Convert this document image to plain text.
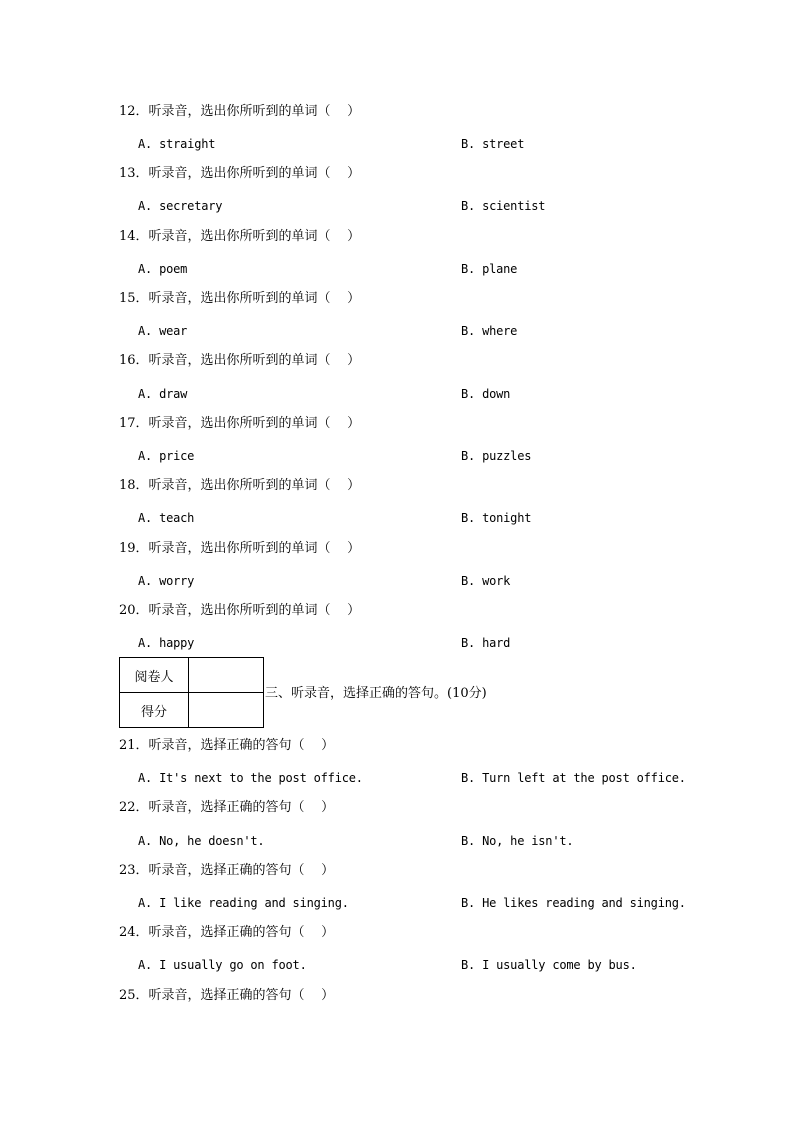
12．听录音，选出你所听到的单词（    ）
A. straight	B. street
13．听录音，选出你所听到的单词（    ）
A. secretary	B. scientist
14．听录音，选出你所听到的单词（    ）
A. poem	B. plane
15．听录音，选出你所听到的单词（    ）
A. wear	B. where
16．听录音，选出你所听到的单词（    ）
A. draw	B. down
17．听录音，选出你所听到的单词（    ）
A. price	B. puzzles
18．听录音，选出你所听到的单词（    ）
A. teach	B. tonight
19．听录音，选出你所听到的单词（    ）
A. worry	B. work
20．听录音，选出你所听到的单词（    ）
A. happy	B. hard
阅卷人	
得分	
三、听录音，选择正确的答句。(10分)
21．听录音，选择正确的答句（    ）
A. It's next to the post office.	B. Turn left at the post office.
22．听录音，选择正确的答句（    ）
A. No, he doesn't.	B. No, he isn't.
23．听录音，选择正确的答句（    ）
A. I like reading and singing.	B. He likes reading and singing.
24．听录音，选择正确的答句（    ）
A. I usually go on foot.	B. I usually come by bus.
25．听录音，选择正确的答句（    ）
